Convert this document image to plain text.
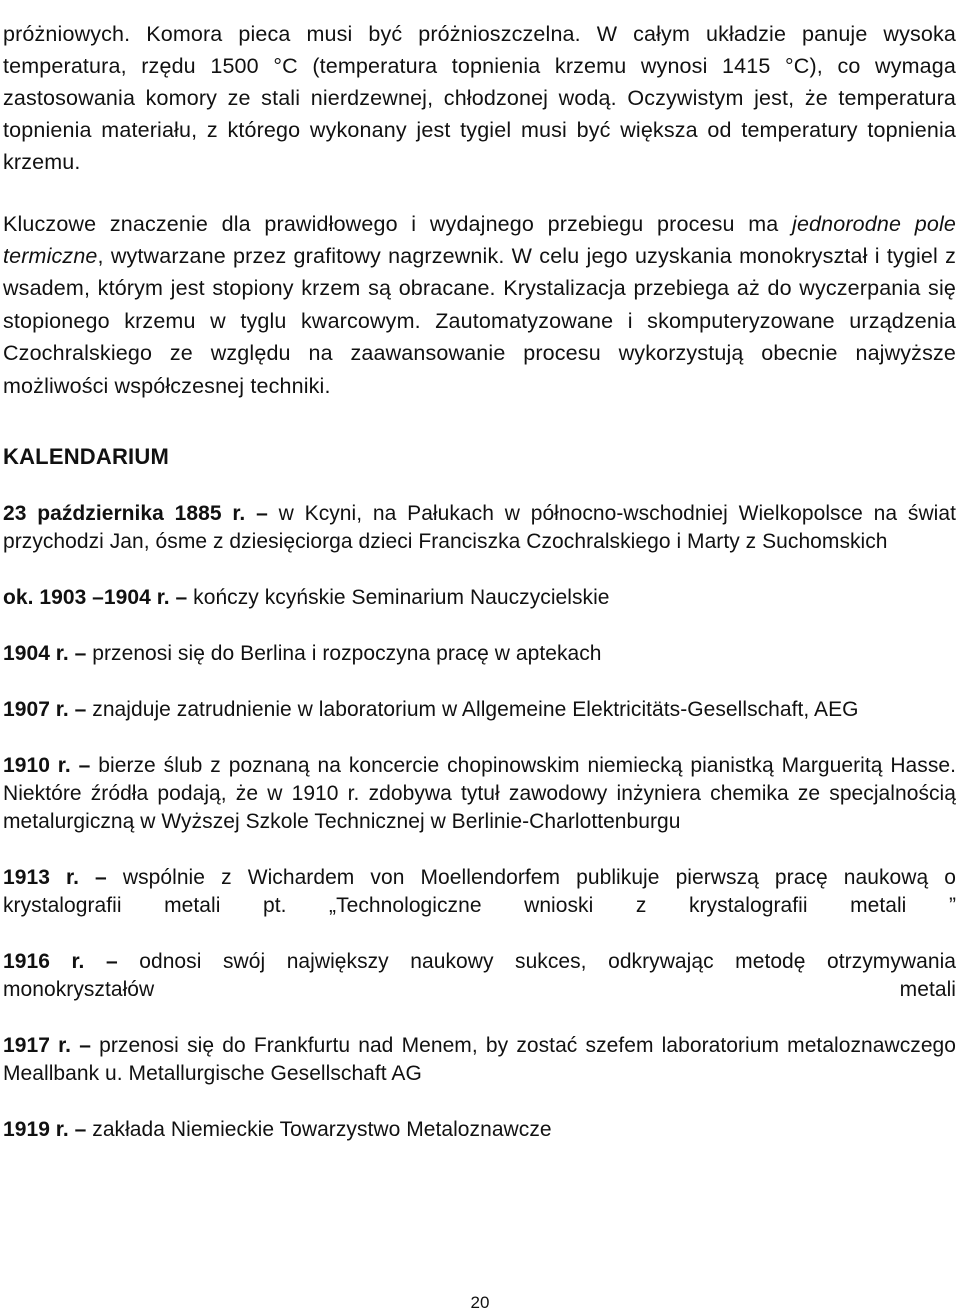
próżniowych. Komora pieca musi być próżnioszczelna. W całym układzie panuje wysoka temperatura, rzędu 1500 °C (temperatura topnienia krzemu wynosi 1415 °C), co wymaga zastosowania komory ze stali nierdzewnej, chłodzonej wodą. Oczywistym jest, że temperatura topnienia materiału, z którego wykonany jest tygiel musi być większa od temperatury topnienia krzemu.

Kluczowe znaczenie dla prawidłowego i wydajnego przebiegu procesu ma jednorodne pole termiczne, wytwarzane przez grafitowy nagrzewnik. W celu jego uzyskania monokryształ i tygiel z wsadem, którym jest stopiony krzem są obracane. Krystalizacja przebiega aż do wyczerpania się stopionego krzemu w tyglu kwarcowym. Zautomatyzowane i skomputeryzowane urządzenia Czochralskiego ze względu na zaawansowanie procesu wykorzystują obecnie najwyższe możliwości współczesnej techniki.

KALENDARIUM

23 października 1885 r. – w Kcyni, na Pałukach w północno-wschodniej Wielkopolsce na świat przychodzi Jan, ósme z dziesięciorga dzieci Franciszka Czochralskiego i Marty z Suchomskich

ok. 1903 –1904 r. – kończy kcyńskie Seminarium Nauczycielskie

1904 r. – przenosi się do Berlina i rozpoczyna pracę w aptekach

1907 r. – znajduje zatrudnienie w laboratorium w Allgemeine Elektricitäts-Gesellschaft, AEG

1910 r. – bierze ślub z poznaną na koncercie chopinowskim niemiecką pianistką Margueritą Hasse. Niektóre źródła podają, że w 1910 r. zdobywa tytuł zawodowy inżyniera chemika ze specjalnością metalurgiczną w Wyższej Szkole Technicznej w Berlinie-Charlottenburgu

1913 r. – wspólnie z Wichardem von Moellendorfem publikuje pierwszą pracę naukową o krystalografii metali pt. „Technologiczne wnioski z krystalografii metali ”

1916 r. – odnosi swój największy naukowy sukces, odkrywając metodę otrzymywania monokryształów metali

1917 r. – przenosi się do Frankfurtu nad Menem, by zostać szefem laboratorium metaloznawczego Meallbank u. Metallurgische Gesellschaft AG

1919 r. – zakłada Niemieckie Towarzystwo Metaloznawcze

20
